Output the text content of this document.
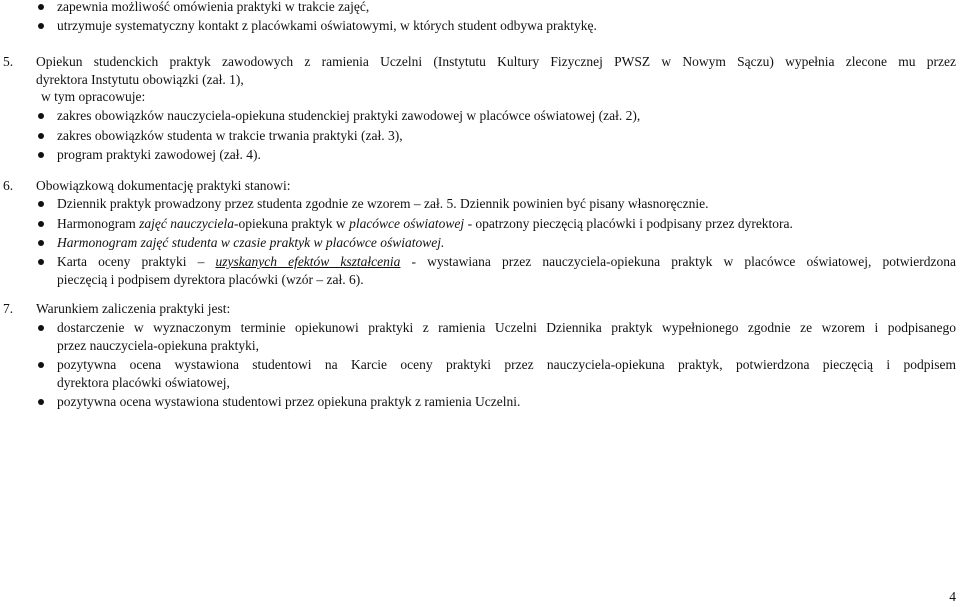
zapewnia możliwość omówienia praktyki w trakcie zajęć,
utrzymuje systematyczny kontakt z placówkami oświatowymi, w których student odbywa praktykę.
5. Opiekun studenckich praktyk zawodowych z ramienia Uczelni (Instytutu Kultury Fizycznej PWSZ w Nowym Sączu) wypełnia zlecone mu przez
dyrektora Instytutu obowiązki (zał. 1),
w tym opracowuje:
zakres obowiązków nauczyciela-opiekuna studenckiej praktyki zawodowej w placówce oświatowej (zał. 2),
zakres obowiązków studenta w trakcie trwania praktyki (zał. 3),
program praktyki zawodowej (zał. 4).
6. Obowiązkową dokumentację praktyki stanowi:
Dziennik praktyk prowadzony przez studenta zgodnie ze wzorem – zał. 5. Dziennik powinien być pisany własnoręcznie.
Harmonogram zajęć nauczyciela-opiekuna praktyk w placówce oświatowej - opatrzony pieczęcią placówki i podpisany przez dyrektora.
Harmonogram zajęć studenta w czasie praktyk w placówce oświatowej.
Karta oceny praktyki – uzyskanych efektów kształcenia - wystawiana przez nauczyciela-opiekuna praktyk w placówce oświatowej, potwierdzona
pieczęcią i podpisem dyrektora placówki (wzór – zał. 6).
7. Warunkiem zaliczenia praktyki jest:
dostarczenie w wyznaczonym terminie opiekunowi praktyki z ramienia Uczelni Dziennika praktyk wypełnionego zgodnie ze wzorem i podpisanego
przez nauczyciela-opiekuna praktyki,
pozytywna ocena wystawiona studentowi na Karcie oceny praktyki przez nauczyciela-opiekuna praktyk, potwierdzona pieczęcią i podpisem
dyrektora placówki oświatowej,
pozytywna ocena wystawiona studentowi przez opiekuna praktyk z ramienia Uczelni.
4
